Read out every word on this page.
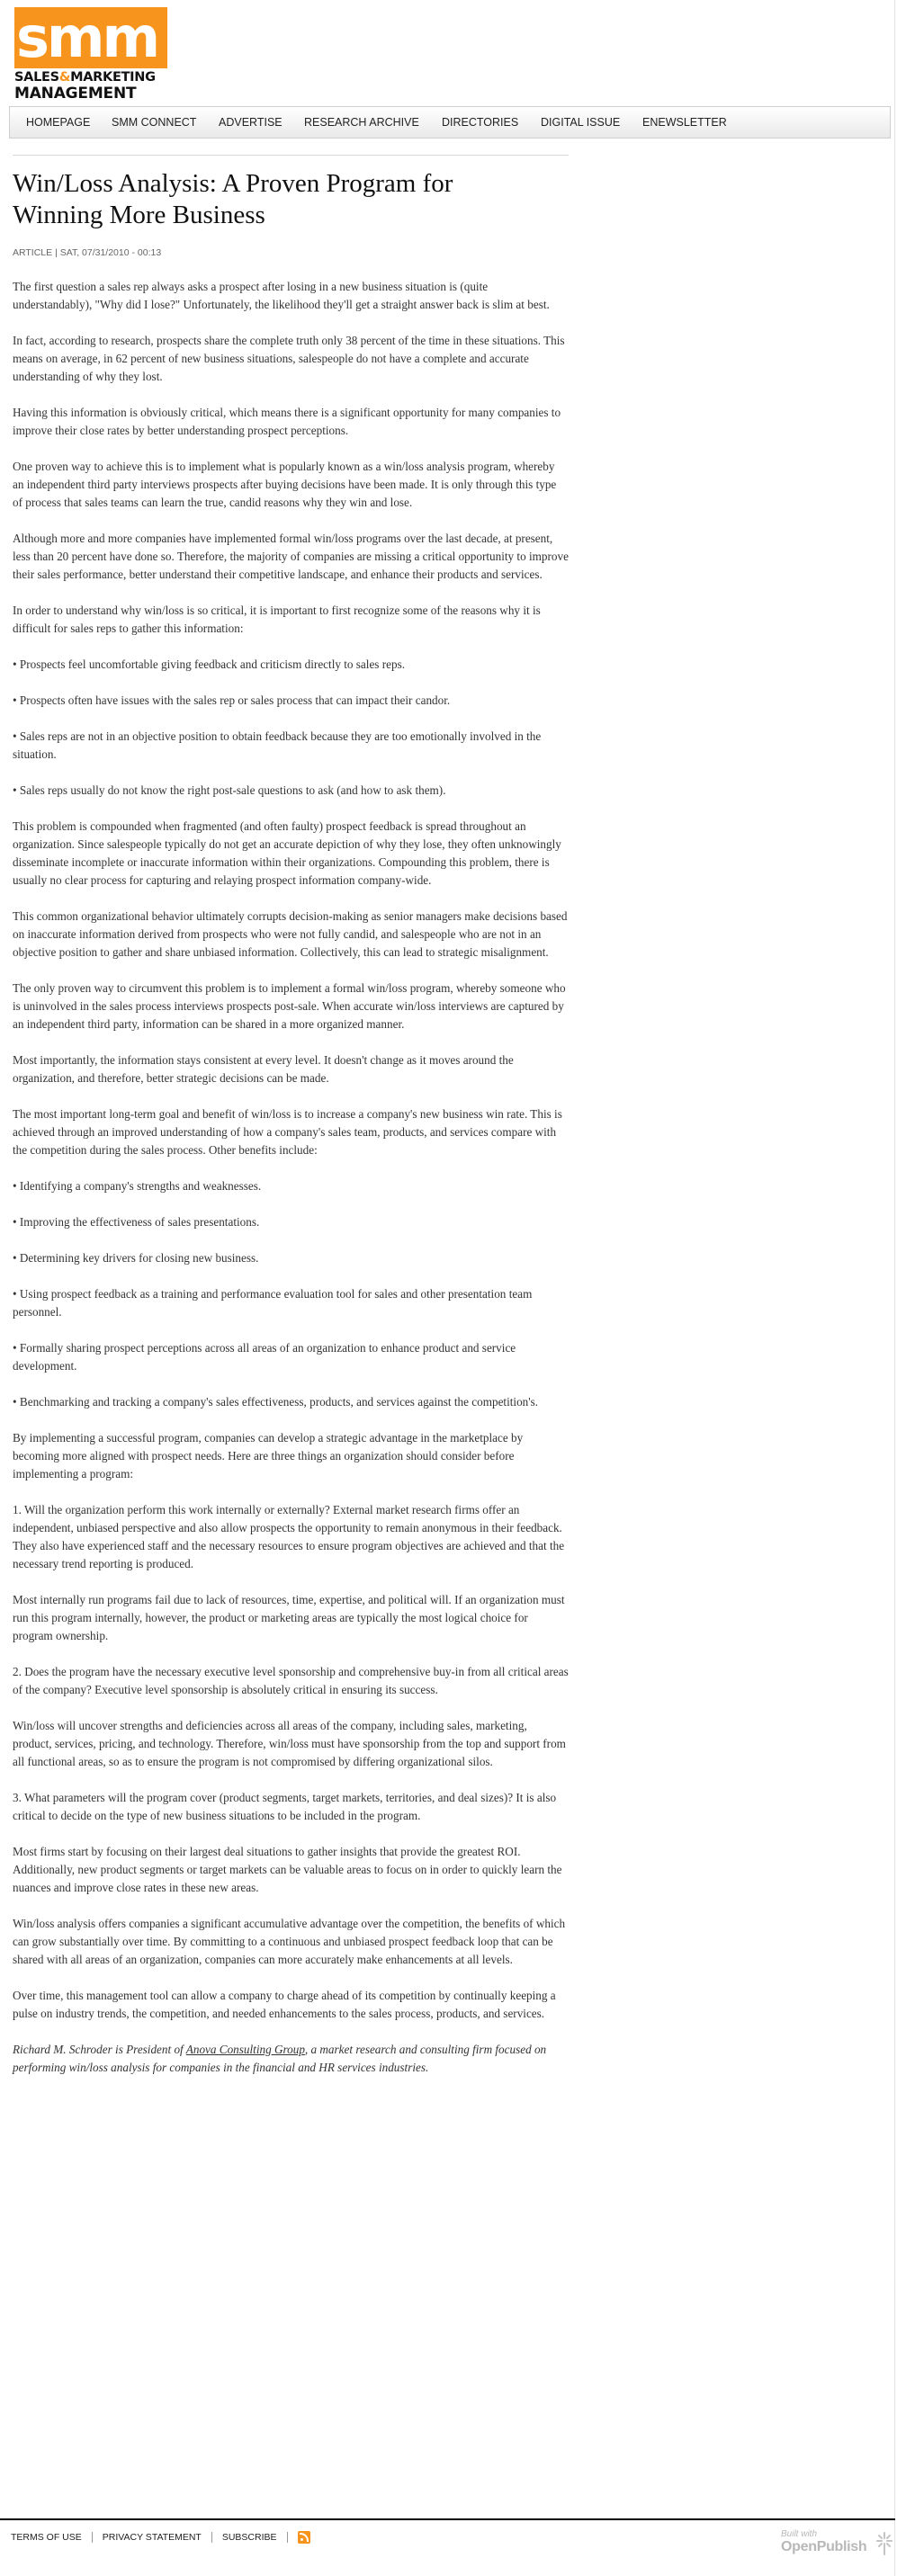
smm
SALES&MARKETING
MANAGEMENT
HOMEPAGE SMM CONNECT ADVERTISE RESEARCH ARCHIVE DIRECTORIES DIGITAL ISSUE ENEWSLETTER
Win/Loss Analysis: A Proven Program for Winning More Business
ARTICLE | SAT, 07/31/2010 - 00:13

The first question a sales rep always asks a prospect after losing in a new business situation is (quite understandably), "Why did I lose?" Unfortunately, the likelihood they'll get a straight answer back is slim at best.

In fact, according to research, prospects share the complete truth only 38 percent of the time in these situations. This means on average, in 62 percent of new business situations, salespeople do not have a complete and accurate understanding of why they lost.

Having this information is obviously critical, which means there is a significant opportunity for many companies to improve their close rates by better understanding prospect perceptions.

One proven way to achieve this is to implement what is popularly known as a win/loss analysis program, whereby an independent third party interviews prospects after buying decisions have been made. It is only through this type of process that sales teams can learn the true, candid reasons why they win and lose.

Although more and more companies have implemented formal win/loss programs over the last decade, at present, less than 20 percent have done so. Therefore, the majority of companies are missing a critical opportunity to improve their sales performance, better understand their competitive landscape, and enhance their products and services.

In order to understand why win/loss is so critical, it is important to first recognize some of the reasons why it is difficult for sales reps to gather this information:

• Prospects feel uncomfortable giving feedback and criticism directly to sales reps.

• Prospects often have issues with the sales rep or sales process that can impact their candor.

• Sales reps are not in an objective position to obtain feedback because they are too emotionally involved in the situation.

• Sales reps usually do not know the right post-sale questions to ask (and how to ask them).

This problem is compounded when fragmented (and often faulty) prospect feedback is spread throughout an organization. Since salespeople typically do not get an accurate depiction of why they lose, they often unknowingly disseminate incomplete or inaccurate information within their organizations. Compounding this problem, there is usually no clear process for capturing and relaying prospect information company-wide.

This common organizational behavior ultimately corrupts decision-making as senior managers make decisions based on inaccurate information derived from prospects who were not fully candid, and salespeople who are not in an objective position to gather and share unbiased information. Collectively, this can lead to strategic misalignment.

The only proven way to circumvent this problem is to implement a formal win/loss program, whereby someone who is uninvolved in the sales process interviews prospects post-sale. When accurate win/loss interviews are captured by an independent third party, information can be shared in a more organized manner.

Most importantly, the information stays consistent at every level. It doesn't change as it moves around the organization, and therefore, better strategic decisions can be made.

The most important long-term goal and benefit of win/loss is to increase a company's new business win rate. This is achieved through an improved understanding of how a company's sales team, products, and services compare with the competition during the sales process. Other benefits include:

• Identifying a company's strengths and weaknesses.

• Improving the effectiveness of sales presentations.

• Determining key drivers for closing new business.

• Using prospect feedback as a training and performance evaluation tool for sales and other presentation team personnel.

• Formally sharing prospect perceptions across all areas of an organization to enhance product and service development.

• Benchmarking and tracking a company's sales effectiveness, products, and services against the competition's.

By implementing a successful program, companies can develop a strategic advantage in the marketplace by becoming more aligned with prospect needs. Here are three things an organization should consider before implementing a program:

1. Will the organization perform this work internally or externally? External market research firms offer an independent, unbiased perspective and also allow prospects the opportunity to remain anonymous in their feedback. They also have experienced staff and the necessary resources to ensure program objectives are achieved and that the necessary trend reporting is produced.

Most internally run programs fail due to lack of resources, time, expertise, and political will. If an organization must run this program internally, however, the product or marketing areas are typically the most logical choice for program ownership.

2. Does the program have the necessary executive level sponsorship and comprehensive buy-in from all critical areas of the company? Executive level sponsorship is absolutely critical in ensuring its success.

Win/loss will uncover strengths and deficiencies across all areas of the company, including sales, marketing, product, services, pricing, and technology. Therefore, win/loss must have sponsorship from the top and support from all functional areas, so as to ensure the program is not compromised by differing organizational silos.

3. What parameters will the program cover (product segments, target markets, territories, and deal sizes)? It is also critical to decide on the type of new business situations to be included in the program.

Most firms start by focusing on their largest deal situations to gather insights that provide the greatest ROI. Additionally, new product segments or target markets can be valuable areas to focus on in order to quickly learn the nuances and improve close rates in these new areas.

Win/loss analysis offers companies a significant accumulative advantage over the competition, the benefits of which can grow substantially over time. By committing to a continuous and unbiased prospect feedback loop that can be shared with all areas of an organization, companies can more accurately make enhancements at all levels.

Over time, this management tool can allow a company to charge ahead of its competition by continually keeping a pulse on industry trends, the competition, and needed enhancements to the sales process, products, and services.

Richard M. Schroder is President of Anova Consulting Group, a market research and consulting firm focused on performing win/loss analysis for companies in the financial and HR services industries.

TERMS OF USE PRIVACY STATEMENT SUBSCRIBE	Built with
OpenPublish
